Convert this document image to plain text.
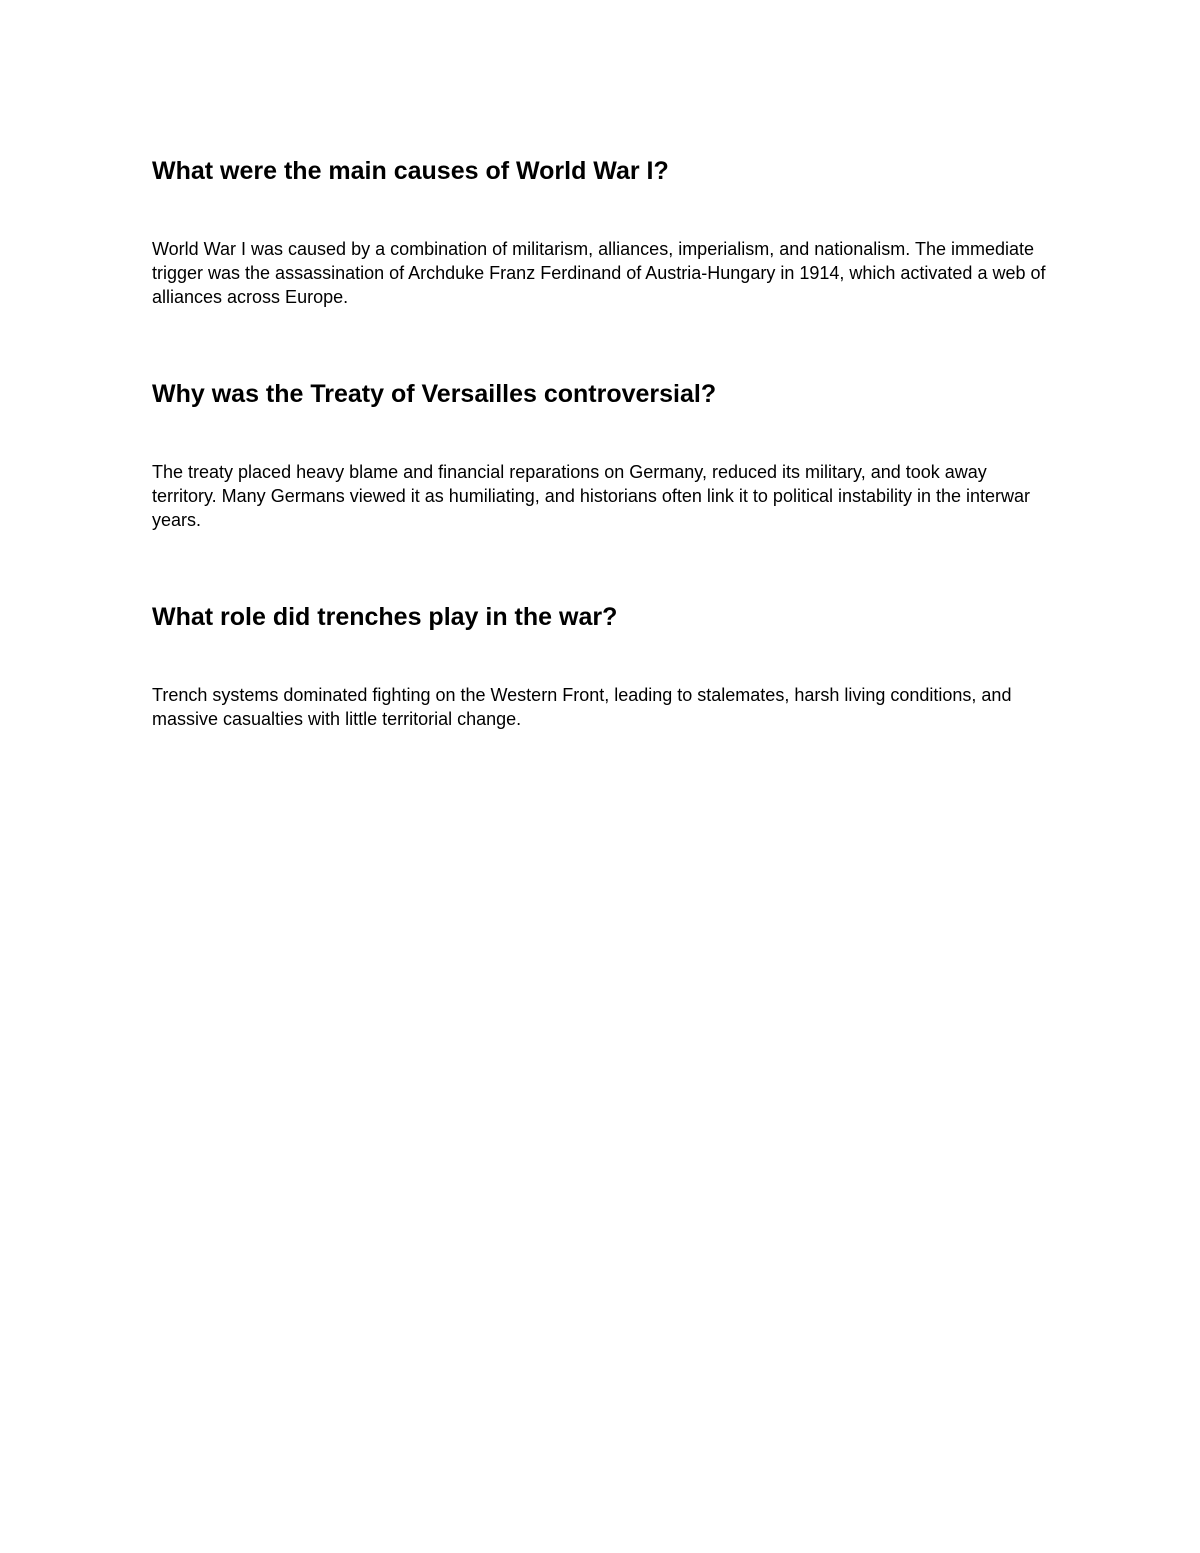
What were the main causes of World War I?

World War I was caused by a combination of militarism, alliances, imperialism, and nationalism. The immediate trigger was the assassination of Archduke Franz Ferdinand of Austria-Hungary in 1914, which activated a web of alliances across Europe.

Why was the Treaty of Versailles controversial?

The treaty placed heavy blame and financial reparations on Germany, reduced its military, and took away territory. Many Germans viewed it as humiliating, and historians often link it to political instability in the interwar years.

What role did trenches play in the war?

Trench systems dominated fighting on the Western Front, leading to stalemates, harsh living conditions, and massive casualties with little territorial change.
